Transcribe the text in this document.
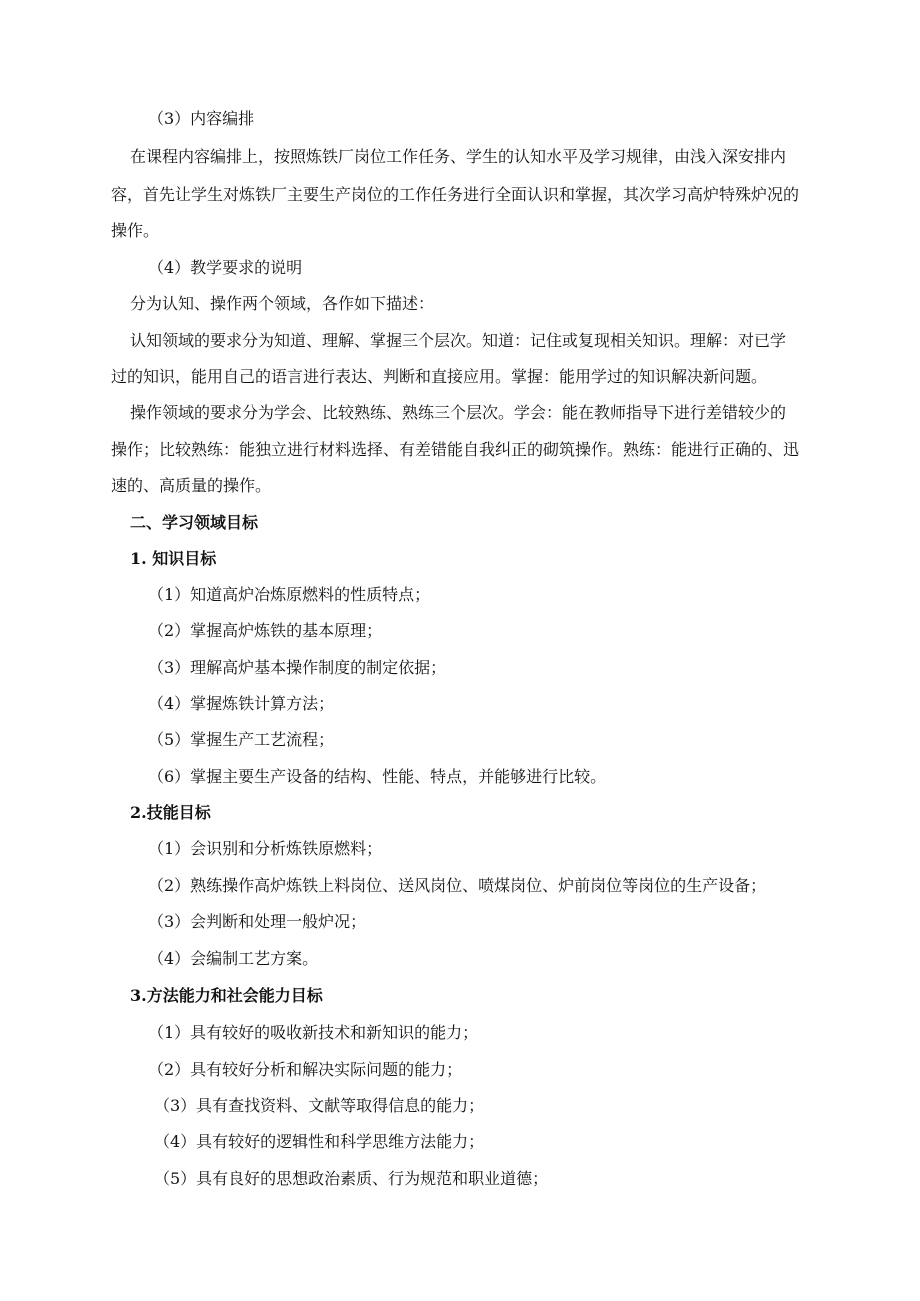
（3）内容编排
在课程内容编排上，按照炼铁厂岗位工作任务、学生的认知水平及学习规律，由浅入深安排内
容，首先让学生对炼铁厂主要生产岗位的工作任务进行全面认识和掌握，其次学习高炉特殊炉况的
操作。
（4）教学要求的说明
分为认知、操作两个领域，各作如下描述：
认知领域的要求分为知道、理解、掌握三个层次。知道：记住或复现相关知识。理解：对已学
过的知识，能用自己的语言进行表达、判断和直接应用。掌握：能用学过的知识解决新问题。
操作领域的要求分为学会、比较熟练、熟练三个层次。学会：能在教师指导下进行差错较少的
操作；比较熟练：能独立进行材料选择、有差错能自我纠正的砌筑操作。熟练：能进行正确的、迅
速的、高质量的操作。
二、学习领域目标
1. 知识目标
（1）知道高炉冶炼原燃料的性质特点；
（2）掌握高炉炼铁的基本原理；
（3）理解高炉基本操作制度的制定依据；
（4）掌握炼铁计算方法；
（5）掌握生产工艺流程；
（6）掌握主要生产设备的结构、性能、特点，并能够进行比较。
2.技能目标
（1）会识别和分析炼铁原燃料；
（2）熟练操作高炉炼铁上料岗位、送风岗位、喷煤岗位、炉前岗位等岗位的生产设备；
（3）会判断和处理一般炉况；
（4）会编制工艺方案。
3.方法能力和社会能力目标
（1）具有较好的吸收新技术和新知识的能力；
（2）具有较好分析和解决实际问题的能力；
（3）具有查找资料、文献等取得信息的能力；
（4）具有较好的逻辑性和科学思维方法能力；
（5）具有良好的思想政治素质、行为规范和职业道德；
